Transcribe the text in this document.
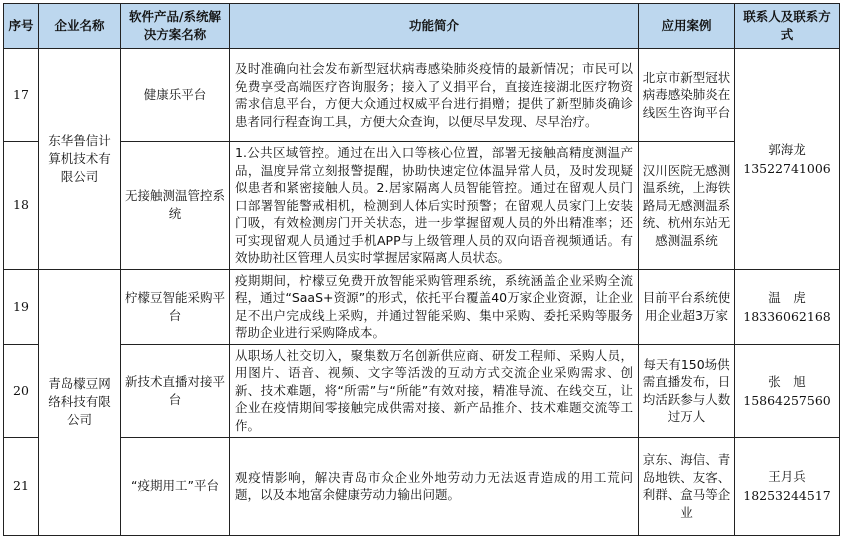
序号	企业名称	软件产品/系统解决方案名称	功能简介	应用案例	联系人及联系方式
17	东华鲁信计算机技术有限公司	健康乐平台	及时准确向社会发布新型冠状病毒感染肺炎疫情的最新情况；市民可以免费享受高端医疗咨询服务；接入了义捐平台，直接连接湖北医疗物资需求信息平台，方便大众通过权威平台进行捐赠；提供了新型肺炎确诊患者同行程查询工具，方便大众查询，以便尽早发现、尽早治疗。	北京市新型冠状病毒感染肺炎在线医生咨询平台	郭海龙
13522741006

18		无接触测温管控系统	1.公共区域管控。通过在出入口等核心位置，部署无接触高精度测温产品，温度异常立刻报警提醒，协助快速定位体温异常人员，及时发现疑似患者和紧密接触人员。2.居家隔离人员智能管控。通过在留观人员门口部署智能警戒相机，检测到人体后实时预警；在留观人员家门上安装门吸，有效检测房门开关状态，进一步掌握留观人员的外出精准率；还可实现留观人员通过手机APP与上级管理人员的双向语音视频通话。有效协助社区管理人员实时掌握居家隔离人员状态。	汉川医院无感测温系统，上海铁路局无感测温系统、杭州东站无感测温系统	
19	青岛檬豆网络科技有限公司	柠檬豆智能采购平台	疫期期间，柠檬豆免费开放智能采购管理系统，系统涵盖企业采购全流程，通过“SaaS+资源”的形式，依托平台覆盖40万家企业资源，让企业足不出户完成线上采购，并通过智能采购、集中采购、委托采购等服务帮助企业进行采购降成本。	目前平台系统使用企业超3万家	温　虎
18336062168

20		新技术直播对接平台	从职场人社交切入，聚集数万名创新供应商、研发工程师、采购人员，用图片、语音、视频、文字等活泼的互动方式交流企业采购需求、创新、技术难题，将“所需”与“所能”有效对接，精准导流、在线交互，让企业在疫情期间零接触完成供需对接、新产品推介、技术难题交流等工作。	每天有150场供需直播发布，日均活跃参与人数过万人	张　旭
15864257560

21		“疫期用工”平台	观疫情影响，解决青岛市众企业外地劳动力无法返青造成的用工荒问题，以及本地富余健康劳动力输出问题。	京东、海信、青岛地铁、友客、利群、盒马等企业	王月兵
18253244517
